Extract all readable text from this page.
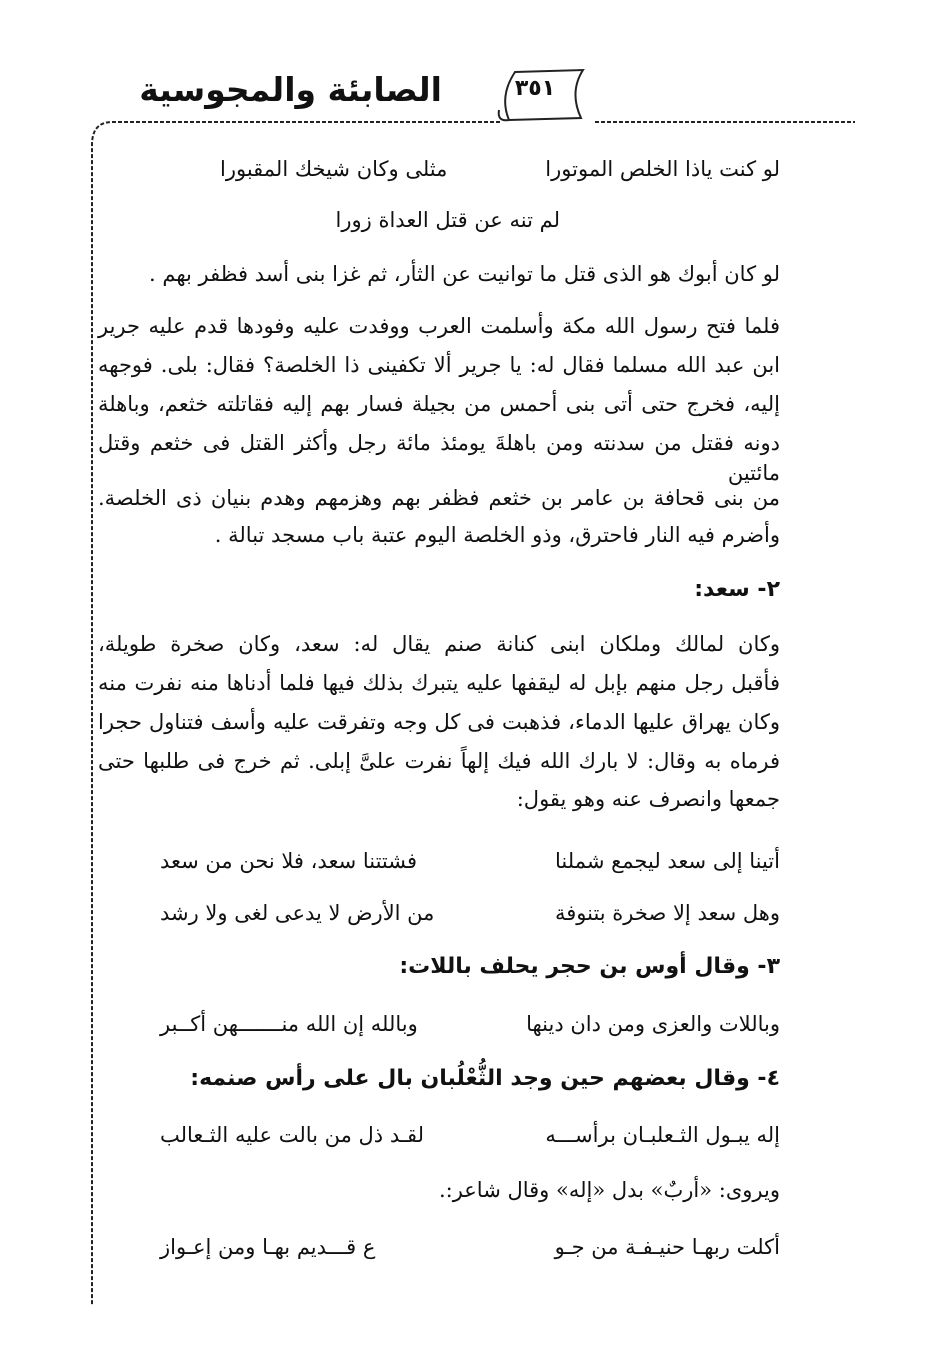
الصابئة والمجوسية	٣٥١
لو كنت ياذا الخلص الموتورا
مثلى وكان شيخك المقبورا
لم تنه عن قتل العداة زورا
لو كان أبوك هو الذى قتل ما توانيت عن الثأر، ثم غزا بنى أسد فظفر بهم .
فلما فتح رسول الله مكة وأسلمت العرب ووفدت عليه وفودها قدم عليه جرير
ابن عبد الله مسلما فقال له: يا جرير ألا تكفينى ذا الخلصة؟ فقال: بلى. فوجهه
إليه، فخرج حتى أتى بنى أحمس من بجيلة فسار بهم إليه فقاتلته خثعم، وباهلة
دونه فقتل من سدنته ومن باهلةَ يومئذ مائة رجل وأكثر القتل فى خثعم وقتل مائتين
من بنى قحافة بن عامر بن خثعم فظفر بهم وهزمهم وهدم بنيان ذى الخلصة.
وأضرم فيه النار فاحترق، وذو الخلصة اليوم عتبة باب مسجد تبالة .
٢- سعد:
وكان لمالك وملكان ابنى كنانة صنم يقال له: سعد، وكان صخرة طويلة،
فأقبل رجل منهم بإبل له ليقفها عليه يتبرك بذلك فيها فلما أدناها منه نفرت منه
وكان يهراق عليها الدماء، فذهبت فى كل وجه وتفرقت عليه وأسف فتناول حجرا
فرماه به وقال: لا بارك الله فيك إلهاً نفرت علىَّ إبلى. ثم خرج فى طلبها حتى
جمعها وانصرف عنه وهو يقول:
أتينا إلى سعد ليجمع شملنا
فشتتنا سعد، فلا نحن من سعد
وهل سعد إلا صخرة بتنوفة
من الأرض لا يدعى لغى ولا رشد
٣- وقال أوس بن حجر يحلف باللات:
وباللات والعزى ومن دان دينها
وبالله إن الله منـــــــهن أكــبر
٤- وقال بعضهم حين وجد الثُّعْلُبان بال على رأس صنمه:
إله يبـول الثـعلبـان برأســـه
لقـد ذل من بالت عليه الثـعالب
ويروى: «أربٌ» بدل «إله» وقال شاعر:.
أكلت ربهـا حنيـفـة من جـو
ع قـــديم بهـا ومن إعـواز
